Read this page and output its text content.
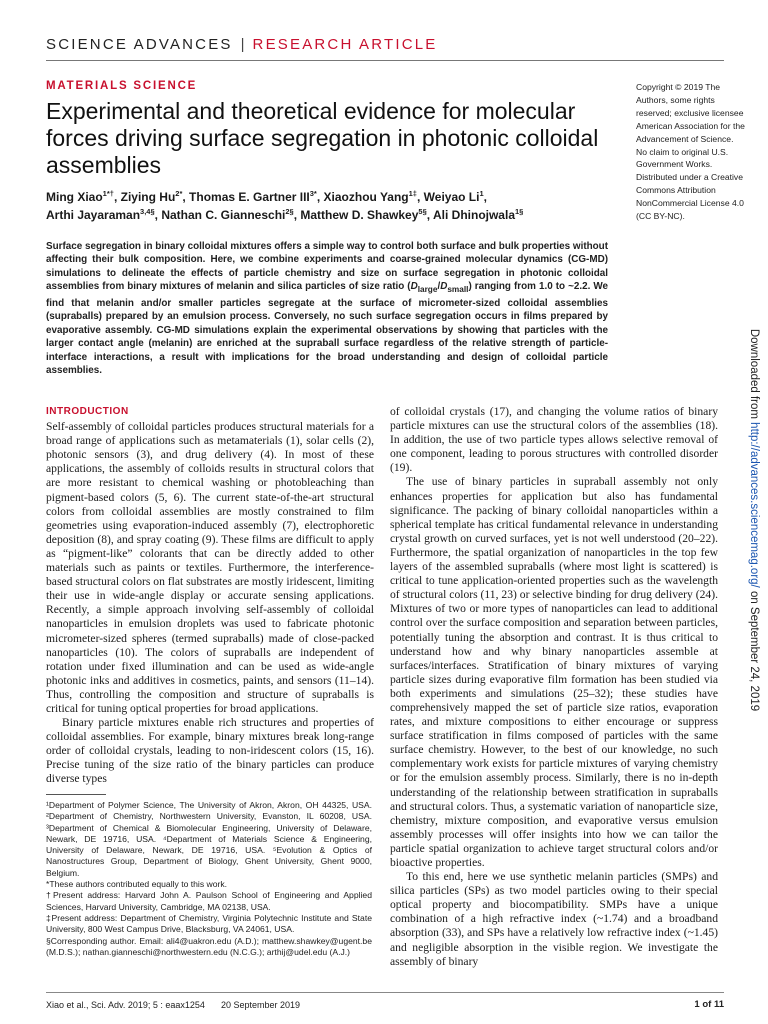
SCIENCE ADVANCES | RESEARCH ARTICLE
MATERIALS SCIENCE
Experimental and theoretical evidence for molecular forces driving surface segregation in photonic colloidal assemblies
Copyright © 2019 The Authors, some rights reserved; exclusive licensee American Association for the Advancement of Science. No claim to original U.S. Government Works. Distributed under a Creative Commons Attribution NonCommercial License 4.0 (CC BY-NC).
Ming Xiao$^{1*\dagger}$, Ziying $Hu^{2*}$, Thomas E. Gartner $III^{3*}$, Xiaozhou Yang$^{1\ddagger}$, Weiyao Li$^1$,
Arthi Jayaraman$^{3,4\S}$, Nathan C. Gianneschi$^{2\S}$, Matthew D. Shawkey$^{5\S}$, Ali Dhinojwala$^{1\S}$
Surface segregation in binary colloidal mixtures offers a simple way to control both surface and bulk properties without affecting their bulk composition. Here, we combine experiments and coarse-grained molecular dynamics (CG-MD) simulations to delineate the effects of particle chemistry and size on surface segregation in photonic colloidal assemblies from binary mixtures of melanin and silica particles of size ratio $(D_{large}/D_{small})$ ranging from 1.0 to ~2.2. We find that melanin and/or smaller particles segregate at the surface of micrometer-sized colloidal assemblies (supraballs) prepared by an emulsion process. Conversely, no such surface segregation occurs in films prepared by evaporative assembly. CG-MD simulations explain the experimental observations by showing that particles with the larger contact angle (melanin) are enriched at the supraball surface regardless of the relative strength of particle-interface interactions, a result with implications for the broad understanding and design of colloidal particle assemblies.
INTRODUCTION

Self-assembly of colloidal particles produces structural materials for a broad range of applications such as metamaterials (1), solar cells (2), photonic sensors (3), and drug delivery (4). In most of these applications, the assembly of colloids results in structural colors that are more resistant to chemical washing or photobleaching than pigment-based colors (5, 6). The current state-of-the-art structural colors from colloidal assemblies are mostly constrained to film geometries using evaporation-induced assembly (7), electrophoretic deposition (8), and spray coating (9). These films are difficult to apply as “pigment-like” colorants that can be directly added to other materials such as paints or textiles. Furthermore, the interference-based structural colors on flat substrates are mostly iridescent, limiting their use in wide-angle display or accurate sensing applications. Recently, a simple approach involving self-assembly of colloidal nanoparticles in emulsion droplets was used to fabricate photonic micrometer-sized spheres (termed supraballs) made of close-packed nanoparticles (10). The colors of supraballs are independent of rotation under fixed illumination and can be used as wide-angle photonic inks and additives in cosmetics, paints, and sensors (11–14). Thus, controlling the composition and structure of supraballs is critical for tuning optical properties for broad applications.

Binary particle mixtures enable rich structures and properties of colloidal assemblies. For example, binary mixtures break long-range order of colloidal crystals, leading to non-iridescent colors (15, 16). Precise tuning of the size ratio of the binary particles can produce diverse types

of colloidal crystals (17), and changing the volume ratios of binary particle mixtures can use the structural colors of the assemblies (18). In addition, the use of two particle types allows selective removal of one component, leading to porous structures with controlled disorder (19).

The use of binary particles in supraball assembly not only enhances properties for application but also has fundamental significance. The packing of binary colloidal nanoparticles within a spherical template has critical fundamental relevance in understanding crystal growth on curved surfaces, yet is not well understood (20–22). Furthermore, the spatial organization of nanoparticles in the top few layers of the assembled supraballs (where most light is scattered) is critical to tune application-oriented properties such as the wavelength of structural colors (11, 23) or selective binding for drug delivery (24). Mixtures of two or more types of nanoparticles can lead to additional control over the surface composition and separation between particles, potentially tuning the absorption and contrast. It is thus critical to understand how and why binary nanoparticles assemble at surfaces/interfaces. Stratification of binary mixtures of varying particle sizes during evaporative film formation has been studied via both experiments and simulations (25–32); these studies have comprehensively mapped the set of particle size ratios, evaporation rates, and mixture compositions to either encourage or suppress surface stratification in films composed of particles with the same surface chemistry. However, to the best of our knowledge, no such complementary work exists for particle mixtures of varying chemistry or for the emulsion assembly process. Similarly, there is no in-depth understanding of the relationship between stratification in supraballs and structural colors. Thus, a systematic variation of nanoparticle size, chemistry, mixture composition, and evaporative versus emulsion assembly processes will offer insights into how we can tailor the particle spatial organization to achieve target structural colors and/or bioactive properties.

To this end, here we use synthetic melanin particles (SMPs) and silica particles (SPs) as two model particles owing to their special optical property and biocompatibility. SMPs have a unique combination of a high refractive index (~1.74) and a broadband absorption (33), and SPs have a relatively low refractive index (~1.45) and negligible absorption in the visible region. We investigate the assembly of binary

¹Department of Polymer Science, The University of Akron, Akron, OH 44325, USA. ²Department of Chemistry, Northwestern University, Evanston, IL 60208, USA. ³Department of Chemical & Biomolecular Engineering, University of Delaware, Newark, DE 19716, USA. ⁴Department of Materials Science & Engineering, University of Delaware, Newark, DE 19716, USA. ⁵Evolution & Optics of Nanostructures Group, Department of Biology, Ghent University, Ghent 9000, Belgium.

*These authors contributed equally to this work.

†Present address: Harvard John A. Paulson School of Engineering and Applied Sciences, Harvard University, Cambridge, MA 02138, USA.

‡Present address: Department of Chemistry, Virginia Polytechnic Institute and State University, 800 West Campus Drive, Blacksburg, VA 24061, USA.

§Corresponding author. Email: ali4@uakron.edu (A.D.); matthew.shawkey@ugent.be (M.D.S.); nathan.gianneschi@northwestern.edu (N.C.G.); arthij@udel.edu (A.J.)

Xiao et al., Sci. Adv. 2019; 5 : eaax1254 20 September 2019	1 of 11
Downloaded from http://advances.sciencemag.org/ on September 24, 2019
